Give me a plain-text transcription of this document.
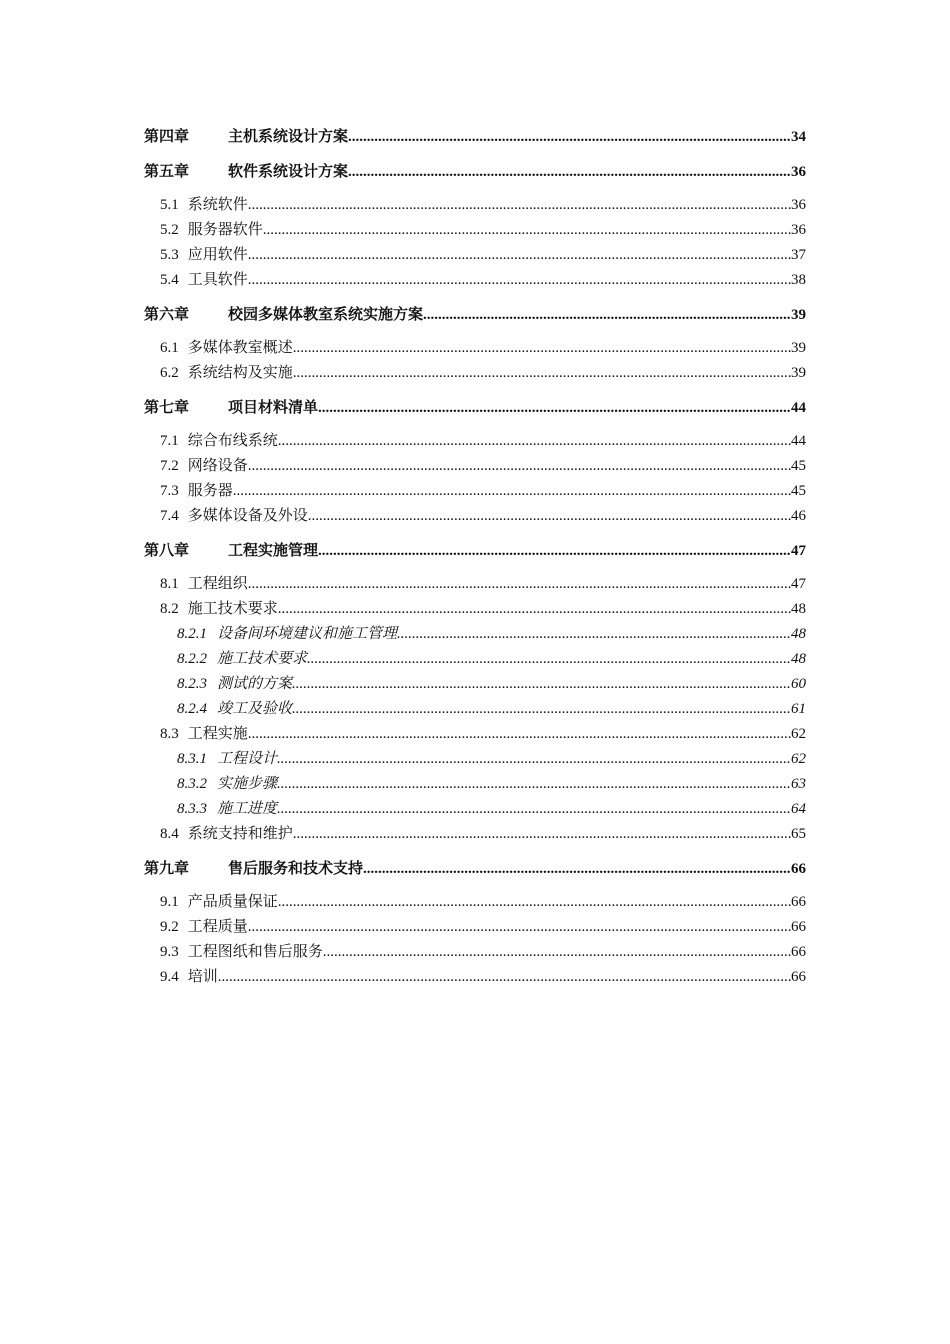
第四章	主机系统设计方案 .....	34
第五章	软件系统设计方案 .....	36
5.1 系统软件 .....	36
5.2 服务器软件 .....	36
5.3 应用软件 .....	37
5.4 工具软件 .....	38
第六章	校园多媒体教室系统实施方案 .....	39
6.1 多媒体教室概述 .....	39
6.2 系统结构及实施 .....	39
第七章	项目材料清单 .....	44
7.1 综合布线系统 .....	44
7.2 网络设备 .....	45
7.3 服务器 .....	45
7.4 多媒体设备及外设 .....	46
第八章	工程实施管理 .....	47
8.1 工程组织 .....	47
8.2 施工技术要求 .....	48
8.2.1 设备间环境建议和施工管理 .....	48
8.2.2 施工技术要求 .....	48
8.2.3 测试的方案 .....	60
8.2.4 竣工及验收 .....	61
8.3 工程实施 .....	62
8.3.1 工程设计 .....	62
8.3.2 实施步骤 .....	63
8.3.3 施工进度 .....	64
8.4 系统支持和维护 .....	65
第九章	售后服务和技术支持 .....	66
9.1 产品质量保证 .....	66
9.2 工程质量 .....	66
9.3 工程图纸和售后服务 .....	66
9.4 培训 .....	66
